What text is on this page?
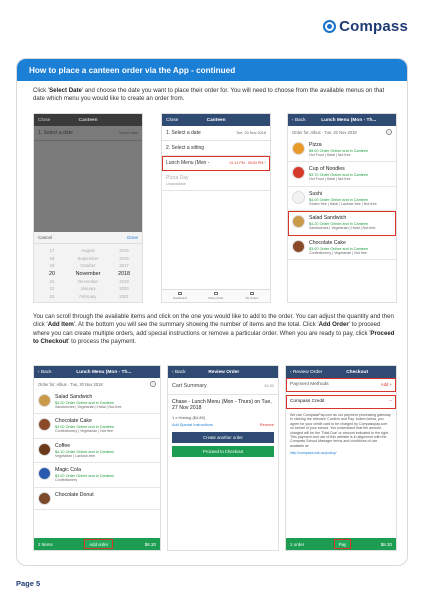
Compass
How to place a canteen order via the App - continued

Click 'Select Date' and choose the date you want to place their order for. You will need to choose from the available menus on that date which menu you would like to create an order from.

Close	Canteen
1. Select a date	Select date
Cancel	Done
17	August	2015
18	September	2016
19	October	2017
20	November	2018
21	December	2019
22	January	2020
23	February	2021
Close	Canteen
1. Select a date	Tue, 20 Nov 2018
2. Select a sitting
Lunch Menu (Mon -	01:11 PM - 05:53 PM ›
Pizza Day
Unavailable
Dashboard	Place Order	My Orders
‹ Back	Lunch Menu (Mon - Th...
Order for: Albus · Tue, 20 Nov 2018	i
Pizza
$5.00 Order Online and in Canteen
Hot Food | Halal | Nut free
Cup of Noodles
$3.70 Order Online and in Canteen
Hot Food | Halal | Nut free
Sushi
$4.00 Order Online and in Canteen
Gluten free | Halal | Lactose-free | Nut-free
Salad Sandwich
$4.20 Order Online and in Canteen
Sandwiches | Vegetarian | Halal | Nut-free
Chocolate Cake
$3.00 Order Online and in Canteen
Confectionery | Vegetarian | Nut free

You can scroll through the available items and click on the one you would like to add to the order. You can adjust the quantity and then click 'Add Item'. At the bottom you will see the summary showing the number of items and the total. Click 'Add Order' to proceed where you can create multiple orders, add special instructions or remove a particular order. When you are ready to pay, click 'Proceed to Checkout' to process the payment.

‹ Back	Lunch Menu (Mon - Th...
Order for: Albus · Tue, 20 Nov 2018	i
Salad Sandwich
$4.20 Order Online and in Canteen
Sandwiches | Vegetarian | Halal | Nut-free
Chocolate Cake
$3.00 Order Online and in Canteen
Confectionery | Vegetarian | Nut free
Coffee
$4.10 Order Online and in Canteen
Vegetarian | Lactose-free
Magic Cola
$3.00 Order Online and in Canteen
Confectionery
Chocolate Donut
2 Items	Add order	$8.30
‹ Back	Review Order
Cart Summary	$4.80
Chase - Lunch Menu (Mon - Thurs) on Tue, 27 Nov 2018
1 x Hotdog ($4.80)
Add Special Instructions	Remove
Create another order
Proceed to Checkout
‹ Review Order	Checkout
Payment Methods	Add +
Compass Credit	−
We use CompassPay.com as our payment processing gateway. In clicking the relevant 'Confirm and Pay' button below, you agree for your credit card to be charged by Compasspay.com on behalf of your school. You understand that the amount charged will be the 'Total Due' or amount indicated to the right. This payment and use of this website is in alignment with the Compass School Manager terms and conditions of use available at:
http://compass.edu.au/policy/
1 order	Pay	$8.30
Page 5
